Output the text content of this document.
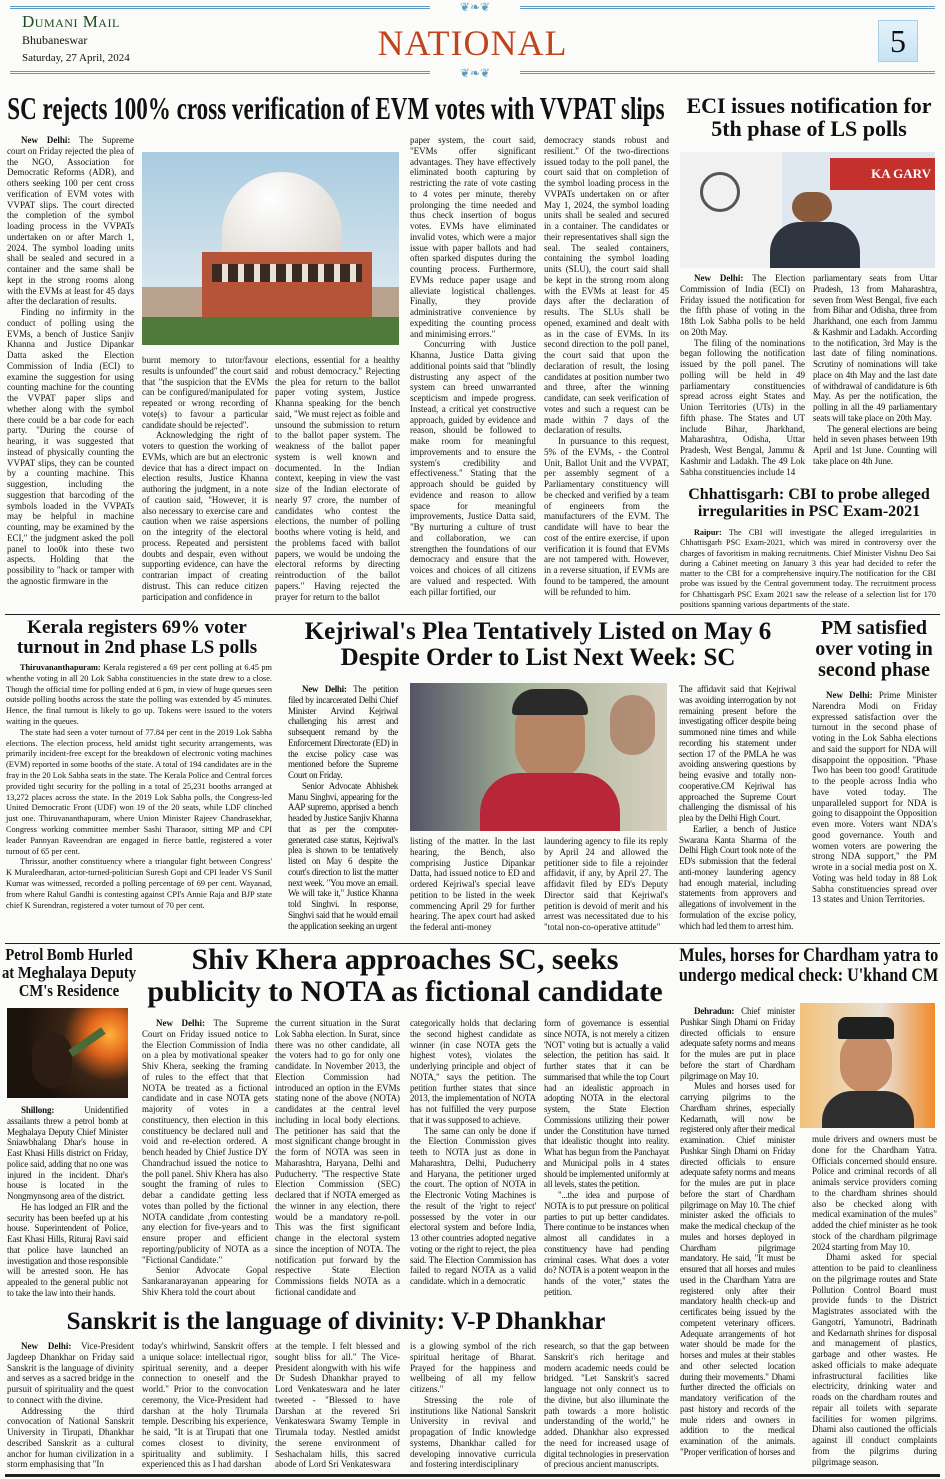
❦❧❦
Dumani Mail
Bhubaneswar
Saturday, 27 April, 2024	NATIONAL	5
❦❧❦
SC rejects 100% cross verification of EVM votes with VVPAT slips

New Delhi: The Supreme court on Friday rejected the plea of the NGO, Association for Democratic Reforms (ADR), and others seeking 100 per cent cross verification of EVM votes with VVPAT slips. The court directed the completion of the symbol loading process in the VVPATs undertaken on or after March 1, 2024. The symbol loading units shall be sealed and secured in a container and the same shall be kept in the strong rooms along with the EVMs at least for 45 days after the declaration of results.

Finding no infirmity in the conduct of polling using the EVMs, a bench of Justice Sanjiv Khanna and Justice Dipankar Datta asked the Election Commission of India (ECI) to examine the suggestion for using counting machine for the counting the VVPAT paper slips and whether along with the symbol there could be a bar code for each party. "During the course of hearing, it was suggested that instead of physically counting the VVPAT slips, they can be counted by a counting machine. This suggestion, including the suggestion that barcoding of the symbols loaded in the VVPATs may be helpful in machine counting, may be examined by the ECI," the judgment asked the poll panel to loo0k into these two aspects. Holding that the possibility to "hack or tamper with the agnostic firmware in the

burnt memory to tutor/favour results is unfounded" the court said that "the suspicion that the EVMs can be configured/manipulated for repeated or wrong recording of vote(s) to favour a particular candidate should be rejected".

Acknowledging the right of voters to question the working of EVMs, which are but an electronic device that has a direct impact on election results, Justice Khanna authoring the judgment, in a note of caution said, "However, it is also necessary to exercise care and caution when we raise aspersions on the integrity of the electoral process. Repeated and persistent doubts and despair, even without supporting evidence, can have the contrarian impact of creating distrust. This can reduce citizen participation and confidence in

elections, essential for a healthy and robust democracy." Rejecting the plea for return to the ballot paper voting system, Justice Khanna speaking for the bench said, "We must reject as foible and unsound the submission to return to the ballot paper system. The weakness of the ballot paper system is well known and documented. In the Indian context, keeping in view the vast size of the Indian electorate of nearly 97 crore, the number of candidates who contest the elections, the number of polling booths where voting is held, and the problems faced with ballot papers, we would be undoing the electoral reforms by directing reintroduction of the ballot papers." Having rejected the prayer for return to the ballot

paper system, the court said, "EVMs offer significant advantages. They have effectively eliminated booth capturing by restricting the rate of vote casting to 4 votes per minute, thereby prolonging the time needed and thus check insertion of bogus votes. EVMs have eliminated invalid votes, which were a major issue with paper ballots and had often sparked disputes during the counting process. Furthermore, EVMs reduce paper usage and alleviate logistical challenges. Finally, they provide administrative convenience by expediting the counting process and minimising errors."

Concurring with Justice Khanna, Justice Datta giving additional points said that "blindly distrusting any aspect of the system can breed unwarranted scepticism and impede progress. Instead, a critical yet constructive approach, guided by evidence and reason, should be followed to make room for meaningful improvements and to ensure the system's credibility and effectiveness." Stating that the approach should be guided by evidence and reason to allow space for meaningful improvements, Justice Datta said, "By nurturing a culture of trust and collaboration, we can strengthen the foundations of our democracy and ensure that the voices and choices of all citizens are valued and respected. With each pillar fortified, our

democracy stands robust and resilient." Of the two-directions issued today to the poll panel, the court said that on completion of the symbol loading process in the VVPATs undertaken on or after May 1, 2024, the symbol loading units shall be sealed and secured in a container. The candidates or their representatives shall sign the seal. The sealed containers, containing the symbol loading units (SLU), the court said shall be kept in the strong room along with the EVMs at least for 45 days after the declaration of results. The SLUs shall be opened, examined and dealt with as in the case of EVMs. In its second direction to the poll panel, the court said that upon the declaration of result, the losing candidates at position number two and three, after the winning candidate, can seek verification of votes and such a request can be made within 7 days of the declaration of results.

In pursuance to this request, 5% of the EVMs, - the Control Unit, Ballot Unit and the VVPAT, per assembly segment of a Parliamentary constituency will be checked and verified by a team of engineers from the manufacturers of the EVM. The candidate will have to bear the cost of the entire exercise, if upon verification it is found that EVMs are not tampered with. However, in a reverse situation, if EVMs are found to be tampered, the amount will be refunded to him.

ECI issues notification for 5th phase of LS polls
KA GARV

New Delhi: The Election Commission of India (ECI) on Friday issued the notification for the fifth phase of voting in the 18th Lok Sabha polls to be held on 20th May.

The filing of the nominations began following the notification issued by the poll panel. The polling will be held in 49 parliamentary constituencies spread across eight States and Union Territories (UTs) in the fifth phase. The States and UT include Bihar, Jharkhand, Maharashtra, Odisha, Uttar Pradesh, West Bengal, Jammu & Kashmir and Ladakh. The 49 Lok Sabha constituencies include 14

parliamentary seats from Uttar Pradesh, 13 from Maharashtra, seven from West Bengal, five each from Bihar and Odisha, three from Jharkhand, one each from Jammu & Kashmir and Ladakh. According to the notification, 3rd May is the last date of filing nominations. Scrutiny of nominations will take place on 4th May and the last date of withdrawal of candidature is 6th May. As per the notification, the polling in all the 49 parliamentary seats will take place on 20th May.

The general elections are being held in seven phases between 19th April and 1st June. Counting will take place on 4th June.

Chhattisgarh: CBI to probe alleged irregularities in PSC Exam-2021

Raipur: The CBI will investigate the alleged irregularities in Chhattisgarh PSC Exam-2021, which was mired in controversy over the charges of favoritism in making recruitments. Chief Minister Vishnu Deo Sai during a Cabinet meeting on January 3 this year had decided to refer the matter to the CBI for a comprehensive inquiry.The notification for the CBI probe was issued by the Central government today. The recruitment process for Chhattisgarh PSC Exam 2021 saw the release of a selection list for 170 positions spanning various departments of the state.

Kerala registers 69% voter turnout in 2nd phase LS polls

Thiruvananthapuram: Kerala registered a 69 per cent polling at 6.45 pm whenthe voting in all 20 Lok Sabha constituencies in the state drew to a close. Though the official time for polling ended at 6 pm, in view of huge queues seen outside polling booths across the state the polling was extended by 45 minutes. Hence, the final turnout is likely to go up. Tokens were issued to the voters waiting in the queues.

The state had seen a voter turnout of 77.84 per cent in the 2019 Lok Sabha elections. The election process, held amidst tight security arrangements, was primarily incident-free except for the breakdown of electronic voting machines (EVM) reported in some booths of the state. A total of 194 candidates are in the fray in the 20 Lok Sabha seats in the state. The Kerala Police and Central forces provided tight security for the polling in a total of 25,231 booths arranged at 13,272 places across the state. In the 2019 Lok Sabha polls, the Congress-led United Democratic Front (UDF) won 19 of the 20 seats, while LDF clinched just one. Thiruvananthapuram, where Union Minister Rajeev Chandrasekhar, Congress working committee member Sashi Tharaoor, sitting MP and CPI leader Pannyan Raveendran are engaged in fierce battle, registered a voter turnout of 65 per cent.

Thrissur, another constituency where a triangular fight between Congress' K Muraleedharan, actor-turned-politician Suresh Gopi and CPI leader VS Sunil Kumar was witnessed, recorded a polling percentage of 69 per cent. Wayanad, from where Rahul Gandhi is contesting against CPI's Annie Raja and BJP state chief K Surendran, registered a voter turnout of 70 per cent.

Kejriwal's Plea Tentatively Listed on May 6
Despite Order to List Next Week: SC

New Delhi: The petition filed by incarcerated Delhi Chief Minister Arvind Kejriwal challenging his arrest and subsequent remand by the Enforcement Directorate (ED) in the excise policy case was mentioned before the Supreme Court on Friday.

Senior Advocate Abhishek Manu Singhvi, appearing for the AAP supremo, apprised a bench headed by Justice Sanjiv Khanna that as per the computer-generated case status, Kejriwal's plea is shown to be tentatively listed on May 6 despite the court's direction to list the matter next week. "You move an email. We will take it," Justice Khanna told Singhvi. In response, Singhvi said that he would email the application seeking an urgent

listing of the matter. In the last hearing, the Bench, also comprising Justice Dipankar Datta, had issued notice to ED and ordered Kejriwal's special leave petition to be listed in the week commencing April 29 for further hearing. The apex court had asked the federal anti-money

laundering agency to file its reply by April 24 and allowed the petitioner side to file a rejoinder affidavit, if any, by April 27. The affidavit filed by ED's Deputy Director said that Kejriwal's petition is devoid of merit and his arrest was necessitated due to his "total non-co-operative attitude"

The affidavit said that Kejriwal was avoiding interrogation by not remaining present before the investigating officer despite being summoned nine times and while recording his statement under section 17 of the PMLA he was avoiding answering questions by being evasive and totally non-cooperative.CM Kejriwal has approached the Supreme Court challenging the dismissal of his plea by the Delhi High Court.

Earlier, a bench of Justice Swarana Kanta Sharma of the Delhi High Court took note of the ED's submission that the federal anti-money laundering agency had enough material, including statements from approvers and allegations of involvement in the formulation of the excise policy, which had led them to arrest him.

PM satisfied over voting in second phase

New Delhi: Prime Minister Narendra Modi on Friday expressed satisfaction over the turnout in the second phase of voting in the Lok Sabha elections and said the support for NDA will disappoint the opposition. "Phase Two has been too good! Gratitude to the people across India who have voted today. The unparalleled support for NDA is going to disappoint the Opposition even more. Voters want NDA's good governance. Youth and women voters are powering the strong NDA support," the PM wrote in a social media post on X. Voting was held today in 88 Lok Sabha constituencies spread over 13 states and Union Territories.

Petrol Bomb Hurled at Meghalaya Deputy CM's Residence

Shillong:	Unidentified assailants threw a petrol bomb at Meghalaya Deputy Chief Minister Sniawbhalang Dhar's house in East Khasi Hills district on Friday, police said, adding that no one was injured in the incident. Dhar's house is located in the Nongmynsong area of the district.

He has lodged an FIR and the security has been beefed up at his house. Superintendent of Police, East Khasi Hills, Rituraj Ravi said that police have launched an investigation and those responsible will be arrested soon. He has appealed to the general public not to take the law into their hands.

Shiv Khera approaches SC, seeks
publicity to NOTA as fictional candidate

New Delhi: The Supreme Court on Friday issued notice to the Election Commission of India on a plea by motivational speaker Shiv Khera, seeking the framing of rules to the effect that that NOTA be treated as a fictional candidate and in case NOTA gets majority of votes in a constituency, then election in this constituency be declared null and void and re-election ordered. A bench headed by Chief Justice DY Chandrachud issued the notice to the poll panel. Shiv Khera has also sought the framing of rules to debar a candidate getting less votes than polled by the fictional NOTA candidate ,from contesting any election for five-years and to ensure proper and efficient reporting/publicity of NOTA as a "Fictional Candidate."

Senior Advocate Gopal Sankaranarayanan appearing for Shiv Khera told the court about

the current situation in the Surat Lok Sabha election. In Surat, since there was no other candidate, all the voters had to go for only one candidate. In November 2013, the Election Commission had introduced an option in the EVMs stating none of the above (NOTA) candidates at the central level including in local body elections. The petitioner has said that the most significant change brought in the form of NOTA was seen in Maharashtra, Haryana, Delhi and Puducherry. "The respective State Election Commission (SEC) declared that if NOTA emerged as the winner in any election, there would be a mandatory re-poll. This was the first significant change in the electoral system since the inception of NOTA. The notification put forward by the respective State Election Commissions fields NOTA as a fictional candidate and

categorically holds that declaring the second highest candidate as winner (in case NOTA gets the highest votes), violates the underlying principle and object of NOTA," says the petition. The petition further states that since 2013, the implementation of NOTA has not fulfilled the very purpose that it was supposed to achieve.

The same can only be done if the Election Commission gives teeth to NOTA just as done in Maharashtra, Delhi, Puducherry and Haryana, the petitioner urged the court. The option of NOTA in the Electronic Voting Machines is the result of the 'right to reject' possessed by the voter in our electoral system and before India, 13 other countries adopted negative voting or the right to reject, the plea said. The Election Commission has failed to regard NOTA as a valid candidate. which in a democratic

form of governance is essential since NOTA, is not merely a citizen 'NOT' voting but is actually a valid selection, the petition has said. It further states that it can be summarised that while the top Court had an idealistic approach in adopting NOTA in the electoral system, the State Election Commissions utilizing their power under the Constitution have turned that idealistic thought into reality. What has begun from the Panchayat and Municipal polls in 4 states should be implemented uniformly at all levels, states the petition.

"...the idea and purpose of NOTA is to put pressure on political parties to put up better candidates. There continue to be instances when almost all candidates in a constituency have had pending criminal cases. What does a voter do? NOTA is a potent weapon in the hands of the voter," states the petition.

Mules, horses for Chardham yatra to
undergo medical check: U'khand CM

Dehradun: Chief minister Pushkar Singh Dhami on Friday directed officials to ensure adequate safety norms and means for the mules are put in place before the start of Chardham pilgrimage on May 10.

Mules and horses used for carrying pilgrims to the Chardham shrines, especially Kedarnath, will now be registered only after their medical examination. Chief minister Pushkar Singh Dhami on Friday directed officials to ensure adequate safety norms and means for the mules are put in place before the start of Chardham pilgrimage on May 10. The chief minister asked the officials to make the medical checkup of the mules and horses deployed in Chardham pilgrimage mandatory. He said, "It must be ensured that all horses and mules used in the Chardham Yatra are registered only after their mandatory health check-up and certificates being issued by the competent veterinary officers. Adequate arrangements of hot water should be made for the horses and mules at their stables and other selected location during their movements." Dhami further directed the officials on mandatory verification of the past history and records of the mule riders and owners in addition to the medical examination of the animals. "Proper verification of horses and

mule drivers and owners must be done for the Chardham Yatra. Officials concerned should ensure. Police and criminal records of all animals service providers coming to the chardham shrines should also be checked along with medical examination of the mules" added the chief minister as he took stock of the chardham pilgrimage 2024 starting from May 10.

Dhami asked for special attention to be paid to cleanliness on the pilgrimage routes and State Pollution Control Board must provide funds to the District Magistrates associated with the Gangotri, Yamunotri, Badrinath and Kedarnath shrines for disposal and management of plastics, garbage and other wastes. He asked officials to make adequate infrastructural facilities like electricity, drinking water and roads on the chardham routes and repair all toilets with separate facilities for women pilgrims. Dhami also cautioned the officials against ill conduct complaints from the pilgrims during pilgrimage season.

Sanskrit is the language of divinity: V-P Dhankhar

New Delhi: Vice-President Jagdeep Dhankhar on Friday said Sanskrit is the language of divinity and serves as a sacred bridge in the pursuit of spirituality and the quest to connect with the divine.

Addressing the third convocation of National Sanskrit University in Tirupati, Dhankhar described Sanskrit as a cultural anchor for human civilization in a storm emphasising that "In

today's whirlwind, Sanskrit offers a unique solace: intellectual rigor, spiritual serenity, and a deeper connection to oneself and the world." Prior to the convocation ceremony, the Vice-President had darshan at the holy Tirumala temple. Describing his experience, he said, "It is at Tirupati that one comes closest to divinity, spirituality and sublimity. I experienced this as I had darshan

at the temple. I felt blessed and sought bliss for all." The Vice-President alongwith with his wife Dr Sudesh Dhankhar prayed to Lord Venkateswara and he later tweeted - "Blessed to have Darshan at the revered Sri Venkateswara Swamy Temple in Tirumala today. Nestled amidst the serene environment of Seshachalam hills, this sacred abode of Lord Sri Venkateswara

is a glowing symbol of the rich spiritual heritage of Bharat. Prayed for the happiness and wellbeing of all my fellow citizens."

Stressing the role of institutions like National Sanskrit University in revival and propagation of Indic knowledge systems, Dhankhar called for developing innovative curricula and fostering interdisciplinary

research, so that the gap between Sanskrit's rich heritage and modern academic needs could be bridged. "Let Sanskrit's sacred language not only connect us to the divine, but also illuminate the path towards a more holistic understanding of the world," he added. Dhankhar also expressed the need for increased usage of digital technologies in preservation of precious ancient manuscripts.
